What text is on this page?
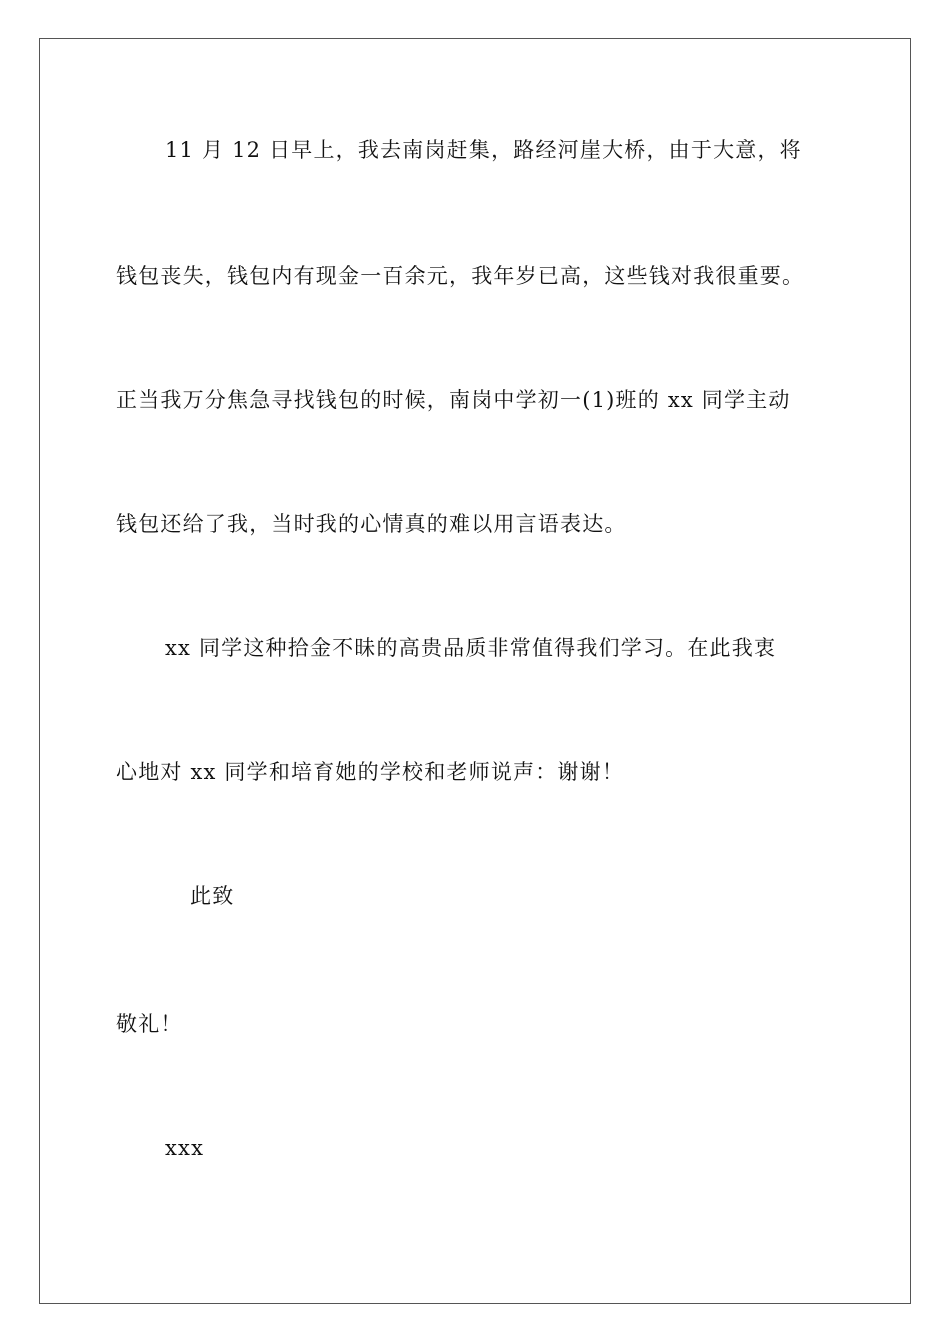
11 月 12 日早上，我去南岗赶集，路经河崖大桥，由于大意，将
钱包丧失，钱包内有现金一百余元，我年岁已高，这些钱对我很重要。
正当我万分焦急寻找钱包的时候，南岗中学初一(1)班的 xx 同学主动
钱包还给了我，当时我的心情真的难以用言语表达。
xx 同学这种拾金不昧的高贵品质非常值得我们学习。在此我衷
心地对 xx 同学和培育她的学校和老师说声：谢谢！
此致
敬礼！
xxx
